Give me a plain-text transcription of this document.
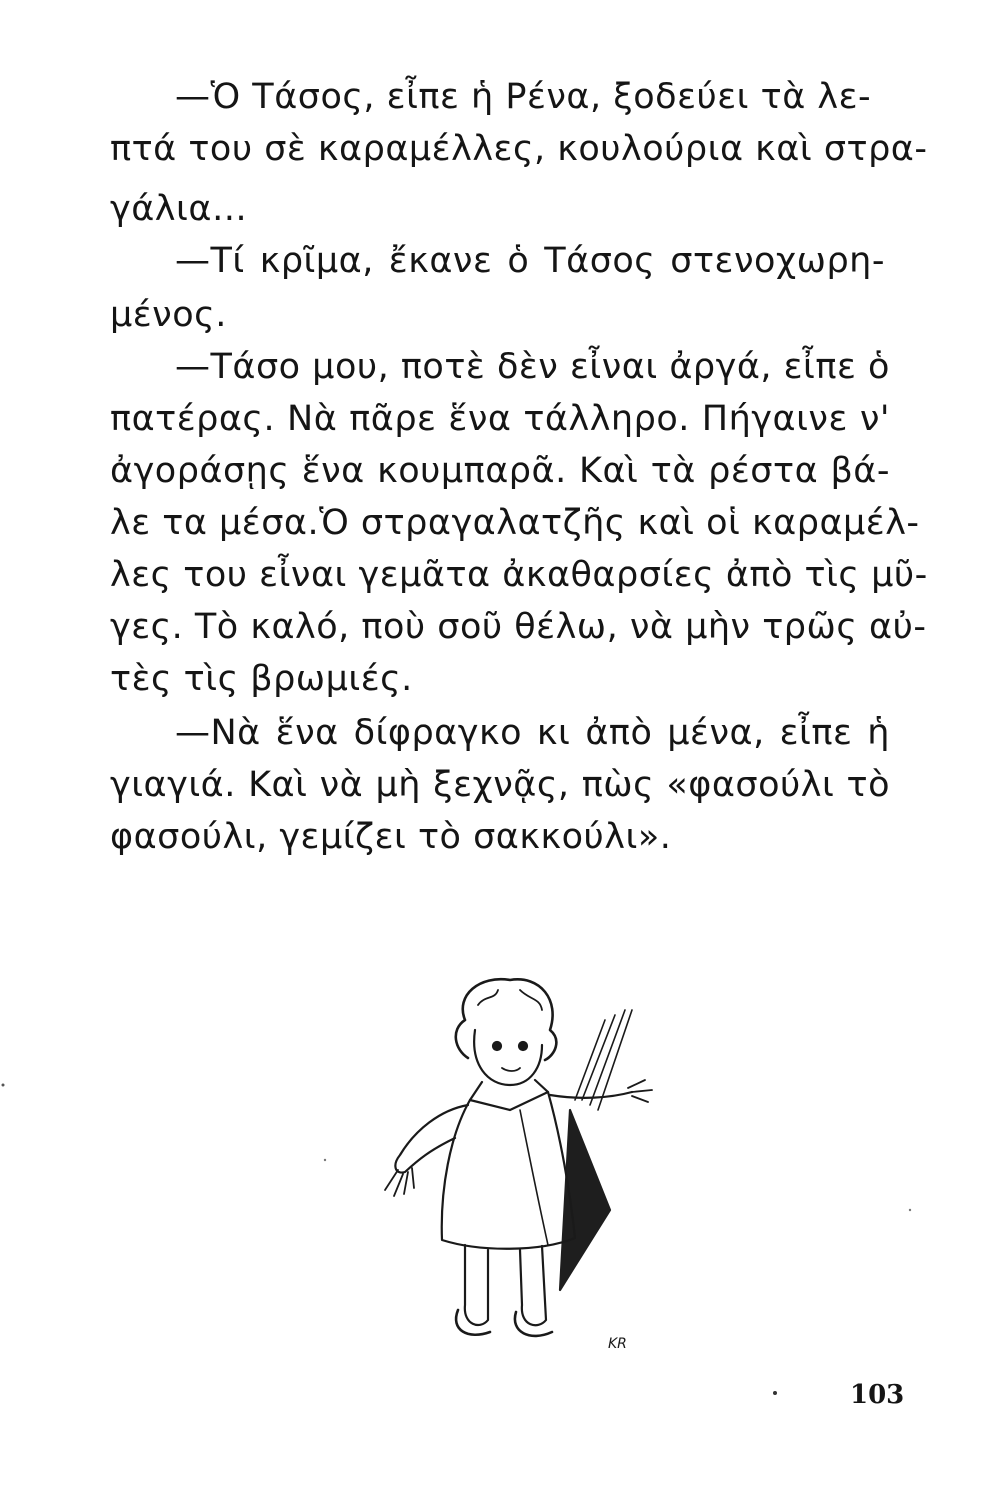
—Ὁ Τάσος, εἶπε ἡ Ρένα, ξοδεύει τὰ λε-
πτά του σὲ καραμέλλες, κουλούρια καὶ στρα-
γάλια…
—Τί κρῖμα, ἔκανε ὁ Τάσος στενοχωρη-
μένος.
—Τάσο μου, ποτὲ δὲν εἶναι ἀργά, εἶπε ὁ
πατέρας. Νὰ πᾶρε ἕνα τάλληρο. Πήγαινε ν'
ἀγοράσῃς ἕνα κουμπαρᾶ. Καὶ τὰ ρέστα βά-
λε τα μέσα.Ὁ στραγαλατζῆς καὶ οἱ καραμέλ-
λες του εἶναι γεμᾶτα ἀκαθαρσίες ἀπὸ τὶς μῦ-
γες. Τὸ καλό, ποὺ σοῦ θέλω, νὰ μὴν τρῶς αὐ-
τὲς τὶς βρωμιές.
—Νὰ ἕνα δίφραγκο κι ἀπὸ μένα, εἶπε ἡ
γιαγιά. Καὶ νὰ μὴ ξεχνᾷς, πὼς «φασούλι τὸ
φασούλι, γεμίζει τὸ σακκούλι».
KR
103
